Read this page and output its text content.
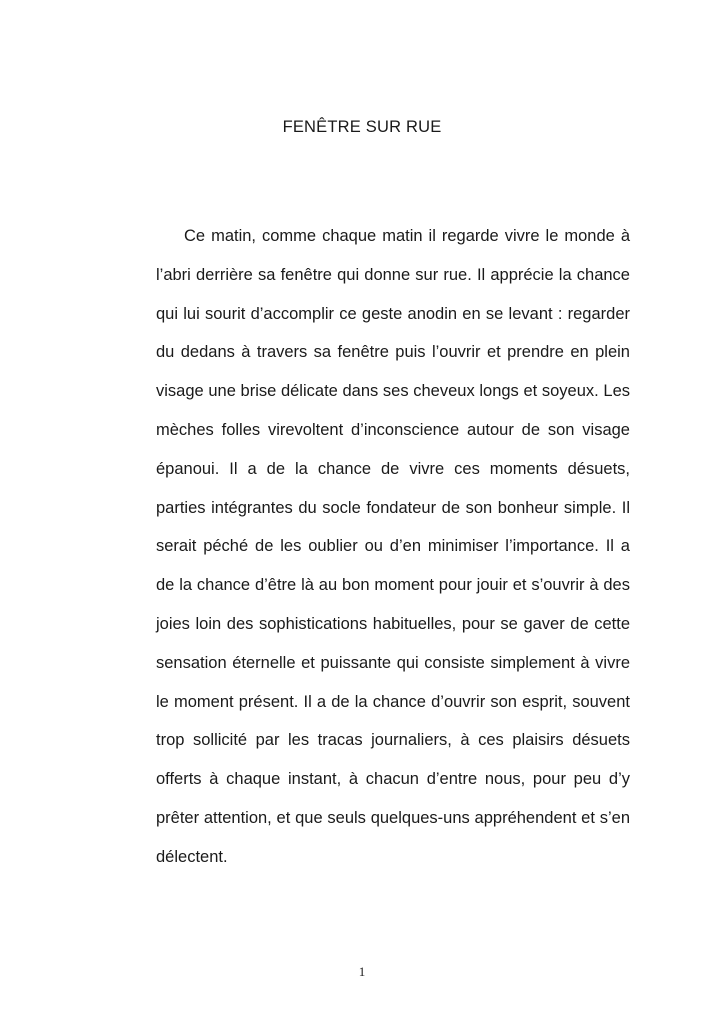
FENÊTRE SUR RUE

Ce matin, comme chaque matin il regarde vivre le monde à l’abri derrière sa fenêtre qui donne sur rue. Il apprécie la chance qui lui sourit d’accomplir ce geste anodin en se levant : regarder du dedans à travers sa fenêtre puis l’ouvrir et prendre en plein visage une brise délicate dans ses cheveux longs et soyeux. Les mèches folles virevoltent d’inconscience autour de son visage épanoui. Il a de la chance de vivre ces moments désuets, parties intégrantes du socle fondateur de son bonheur simple. Il serait péché de les oublier ou d’en minimiser l’importance. Il a de la chance d’être là au bon moment pour jouir et s’ouvrir à des joies loin des sophistications habituelles, pour se gaver de cette sensation éternelle et puissante qui consiste simplement à vivre le moment présent. Il a de la chance d’ouvrir son esprit, souvent trop sollicité par les tracas journaliers, à ces plaisirs désuets offerts à chaque instant, à chacun d’entre nous, pour peu d’y prêter attention, et que seuls quelques-uns appréhendent et s’en délectent.

1
